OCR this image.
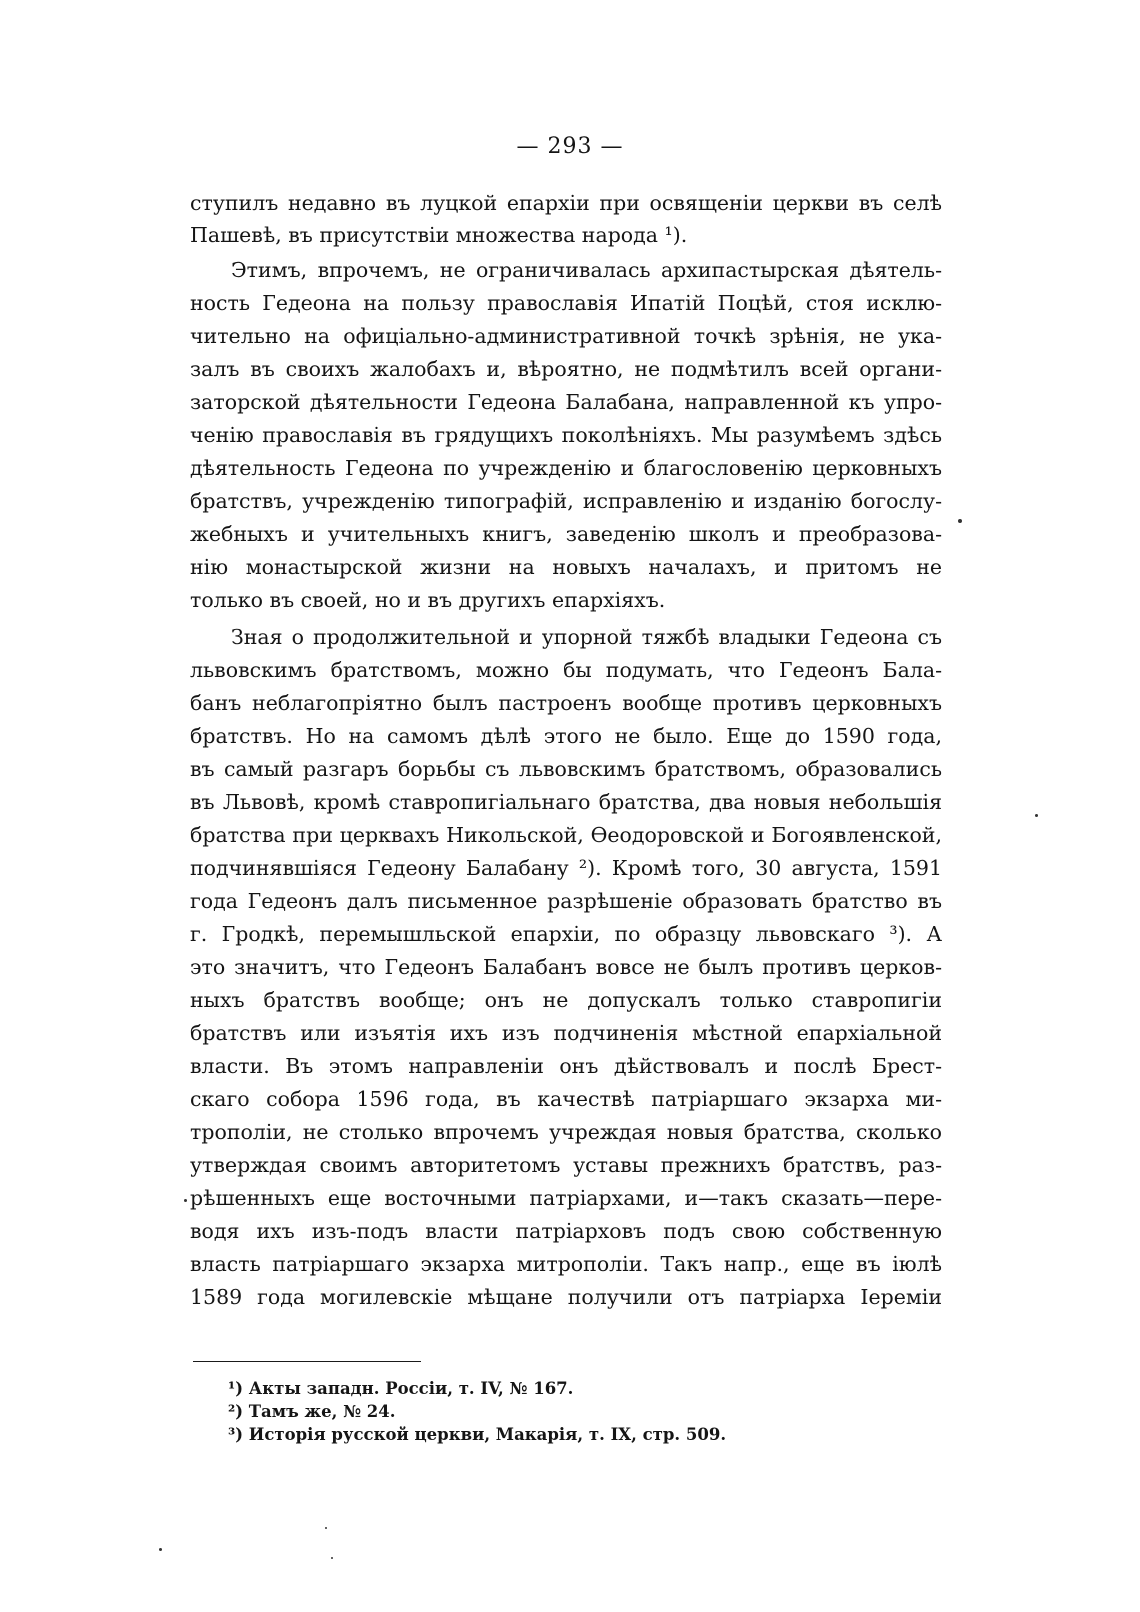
— 293 —
ступилъ недавно въ луцкой епархіи при освященіи церкви въ селѣ
Пашевѣ, въ присутствіи множества народа ¹).
Этимъ, впрочемъ, не ограничивалась архипастырская дѣятель-
ность Гедеона на пользу православія Ипатій Поцѣй, стоя исклю-
чительно на офиціально-административной точкѣ зрѣнія, не ука-
залъ въ своихъ жалобахъ и, вѣроятно, не подмѣтилъ всей органи-
заторской дѣятельности Гедеона Балабана, направленной къ упро-
ченію православія въ грядущихъ поколѣніяхъ. Мы разумѣемъ здѣсь
дѣятельность Гедеона по учрежденію и благословенію церковныхъ
братствъ, учрежденію типографій, исправленію и изданію богослу-
жебныхъ и учительныхъ книгъ, заведенію школъ и преобразова-
нію монастырской жизни на новыхъ началахъ, и притомъ не
только въ своей, но и въ другихъ епархіяхъ.
Зная о продолжительной и упорной тяжбѣ владыки Гедеона съ
львовскимъ братствомъ, можно бы подумать, что Гедеонъ Бала-
банъ неблагопріятно былъ пастроенъ вообще противъ церковныхъ
братствъ. Но на самомъ дѣлѣ этого не было. Еще до 1590 года,
въ самый разгаръ борьбы съ львовскимъ братствомъ, образовались
въ Львовѣ, кромѣ ставропигіальнаго братства, два новыя небольшія
братства при церквахъ Никольской, Ѳеодоровской и Богоявленской,
подчинявшіяся Гедеону Балабану ²). Кромѣ того, 30 августа, 1591
года Гедеонъ далъ письменное разрѣшеніе образовать братство въ
г. Гродкѣ, перемышльской епархіи, по образцу львовскаго ³). А
это значитъ, что Гедеонъ Балабанъ вовсе не былъ противъ церков-
ныхъ братствъ вообще; онъ не допускалъ только ставропигіи
братствъ или изъятія ихъ изъ подчиненія мѣстной епархіальной
власти. Въ этомъ направленіи онъ дѣйствовалъ и послѣ Брест-
скаго собора 1596 года, въ качествѣ патріаршаго экзарха ми-
трополіи, не столько впрочемъ учреждая новыя братства, сколько
утверждая своимъ авторитетомъ уставы прежнихъ братствъ, раз-
рѣшенныхъ еще восточными патріархами, и—такъ сказать—пере-
водя ихъ изъ-подъ власти патріарховъ подъ свою собственную
власть патріаршаго экзарха митрополіи. Такъ напр., еще въ іюлѣ
1589 года могилевскіе мѣщане получили отъ патріарха Іереміи
¹) Акты западн. Россіи, т. IV, № 167.
²) Тамъ же, № 24.
³) Исторія русской церкви, Макарія, т. IX, стр. 509.
